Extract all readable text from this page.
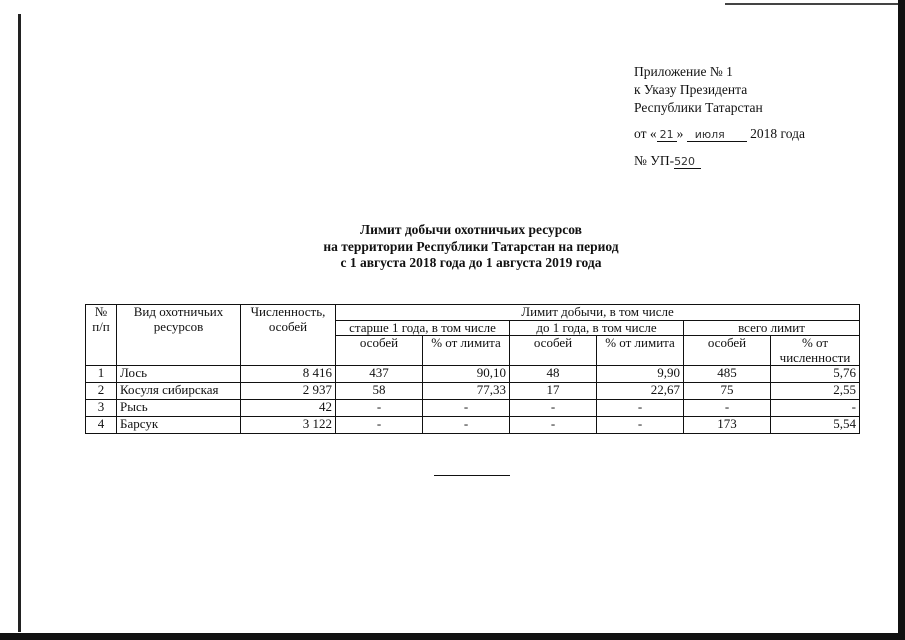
Приложение № 1
к Указу Президента
Республики Татарстан
от « 21 » июля 2018 года
№ УП-520
Лимит добычи охотничьих ресурсов
на территории Республики Татарстан на период
с 1 августа 2018 года до 1 августа 2019 года
№ п/п	Вид охотничьих ресурсов	Численность, особей	Лимит добычи, в том числе					
			старше 1 года, в том числе		до 1 года, в том числе		всего лимит	
			особей	% от лимита	особей	% от лимита	особей	% от численности
1	Лось	8 416	437	90,10	48	9,90	485	5,76
2	Косуля сибирская	2 937	58	77,33	17	22,67	75	2,55
3	Рысь	42	-	-	-	-	-	-
4	Барсук	3 122	-	-	-	-	173	5,54
